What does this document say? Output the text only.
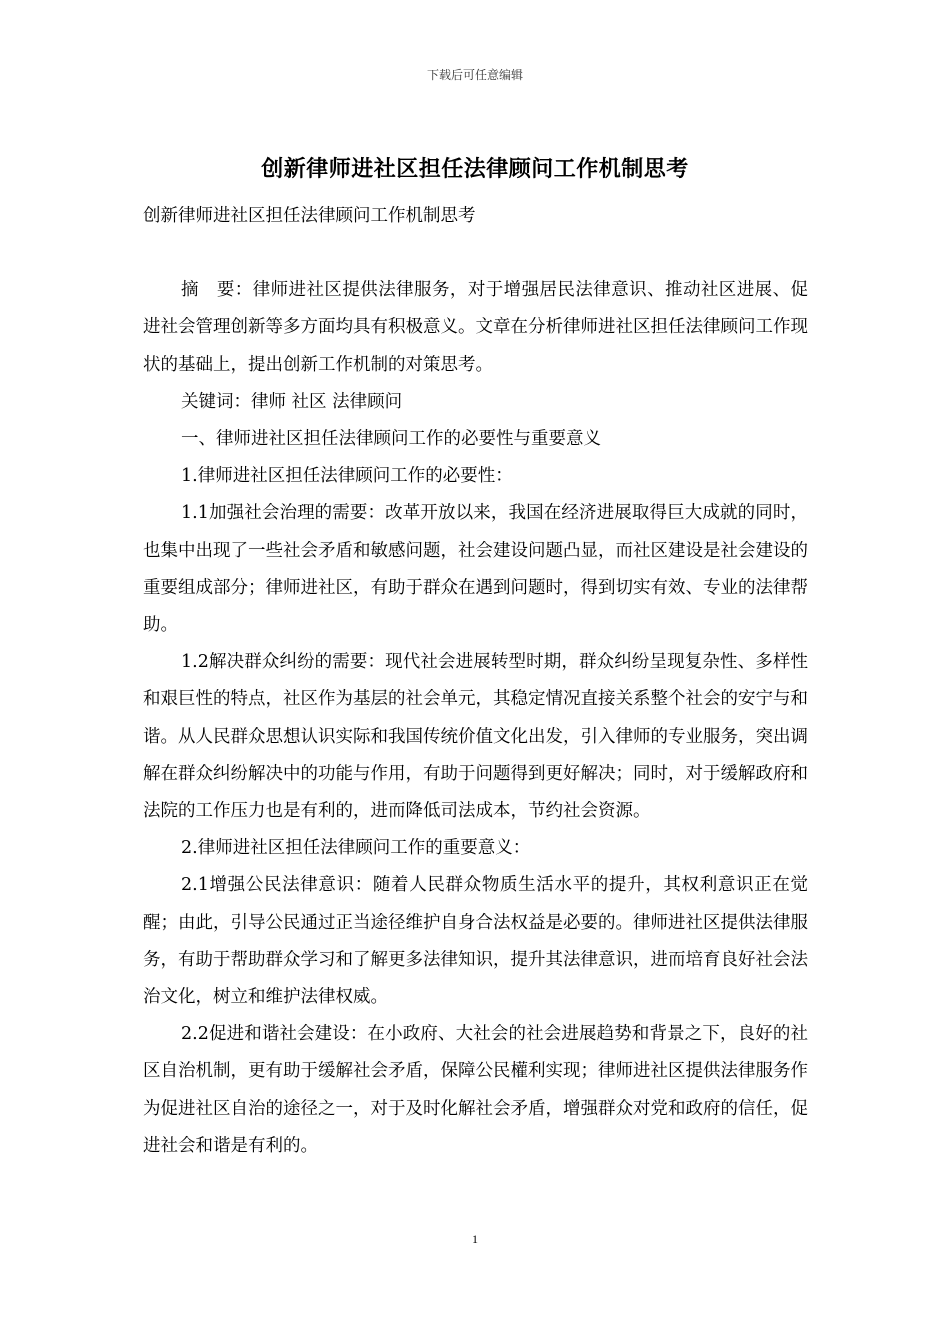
下载后可任意编辑
创新律师进社区担任法律顾问工作机制思考

创新律师进社区担任法律顾问工作机制思考

摘　要：律师进社区提供法律服务，对于增强居民法律意识、推动社区进展、促进社会管理创新等多方面均具有积极意义。文章在分析律师进社区担任法律顾问工作现状的基础上，提出创新工作机制的对策思考。

关键词：律师 社区 法律顾问

一、律师进社区担任法律顾问工作的必要性与重要意义

1.律师进社区担任法律顾问工作的必要性：

1.1加强社会治理的需要：改革开放以来，我国在经济进展取得巨大成就的同时，也集中出现了一些社会矛盾和敏感问题，社会建设问题凸显，而社区建设是社会建设的重要组成部分；律师进社区，有助于群众在遇到问题时，得到切实有效、专业的法律帮助。

1.2解决群众纠纷的需要：现代社会进展转型时期，群众纠纷呈现复杂性、多样性和艰巨性的特点，社区作为基层的社会单元，其稳定情况直接关系整个社会的安宁与和谐。从人民群众思想认识实际和我国传统价值文化出发，引入律师的专业服务，突出调解在群众纠纷解决中的功能与作用，有助于问题得到更好解决；同时，对于缓解政府和法院的工作压力也是有利的，进而降低司法成本，节约社会资源。

2.律师进社区担任法律顾问工作的重要意义：

2.1增强公民法律意识：随着人民群众物质生活水平的提升，其权利意识正在觉醒；由此，引导公民通过正当途径维护自身合法权益是必要的。律师进社区提供法律服务，有助于帮助群众学习和了解更多法律知识，提升其法律意识，进而培育良好社会法治文化，树立和维护法律权威。

2.2促进和谐社会建设：在小政府、大社会的社会进展趋势和背景之下，良好的社区自治机制，更有助于缓解社会矛盾，保障公民權利实现；律师进社区提供法律服务作为促进社区自治的途径之一，对于及时化解社会矛盾，增强群众对党和政府的信任，促进社会和谐是有利的。

1
